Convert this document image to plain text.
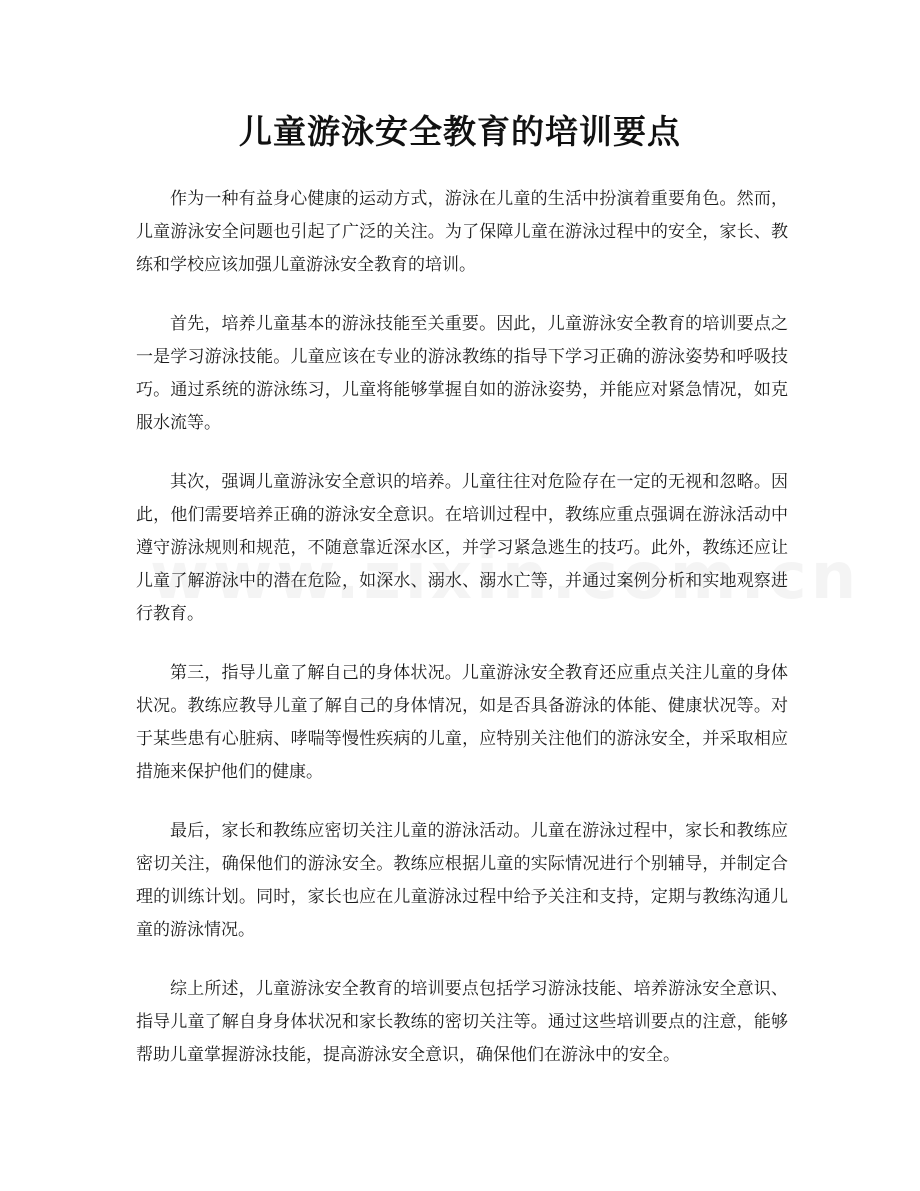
儿童游泳安全教育的培训要点

作为一种有益身心健康的运动方式，游泳在儿童的生活中扮演着重要角色。然而，儿童游泳安全问题也引起了广泛的关注。为了保障儿童在游泳过程中的安全，家长、教练和学校应该加强儿童游泳安全教育的培训。

首先，培养儿童基本的游泳技能至关重要。因此，儿童游泳安全教育的培训要点之一是学习游泳技能。儿童应该在专业的游泳教练的指导下学习正确的游泳姿势和呼吸技巧。通过系统的游泳练习，儿童将能够掌握自如的游泳姿势，并能应对紧急情况，如克服水流等。

其次，强调儿童游泳安全意识的培养。儿童往往对危险存在一定的无视和忽略。因此，他们需要培养正确的游泳安全意识。在培训过程中，教练应重点强调在游泳活动中遵守游泳规则和规范，不随意靠近深水区，并学习紧急逃生的技巧。此外，教练还应让儿童了解游泳中的潜在危险，如深水、溺水、溺水亡等，并通过案例分析和实地观察进行教育。

第三，指导儿童了解自己的身体状况。儿童游泳安全教育还应重点关注儿童的身体状况。教练应教导儿童了解自己的身体情况，如是否具备游泳的体能、健康状况等。对于某些患有心脏病、哮喘等慢性疾病的儿童，应特别关注他们的游泳安全，并采取相应措施来保护他们的健康。

最后，家长和教练应密切关注儿童的游泳活动。儿童在游泳过程中，家长和教练应密切关注，确保他们的游泳安全。教练应根据儿童的实际情况进行个别辅导，并制定合理的训练计划。同时，家长也应在儿童游泳过程中给予关注和支持，定期与教练沟通儿童的游泳情况。

综上所述，儿童游泳安全教育的培训要点包括学习游泳技能、培养游泳安全意识、指导儿童了解自身身体状况和家长教练的密切关注等。通过这些培训要点的注意，能够帮助儿童掌握游泳技能，提高游泳安全意识，确保他们在游泳中的安全。
